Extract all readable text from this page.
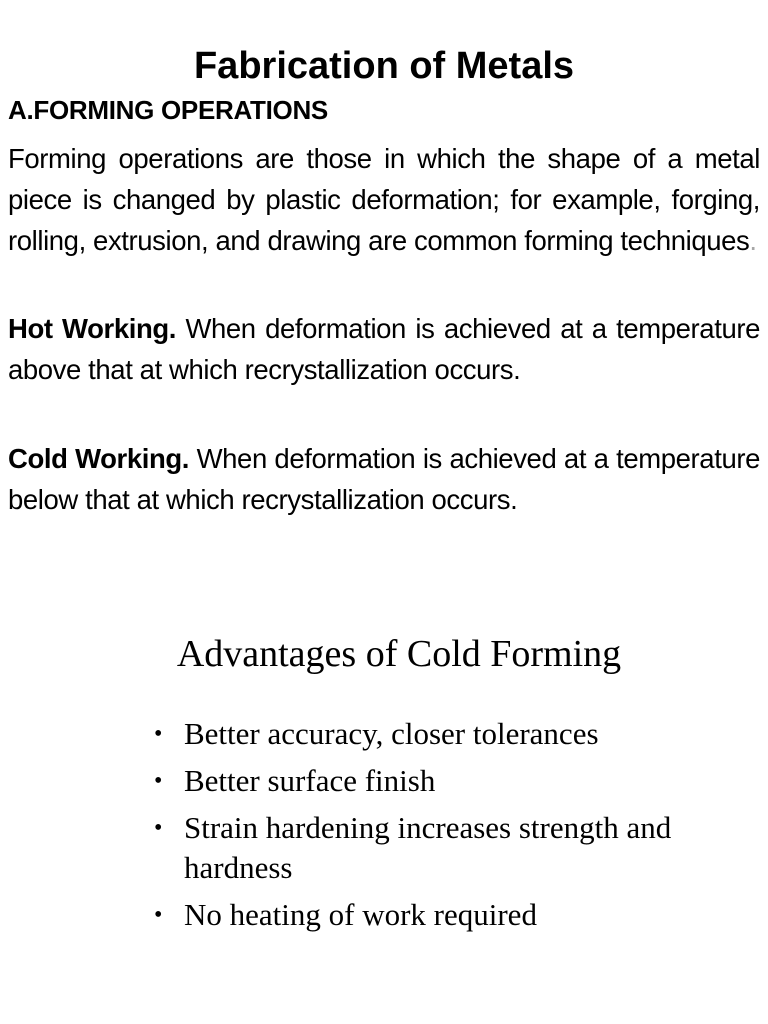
Fabrication of Metals
A.FORMING OPERATIONS

Forming operations are those in which the shape of a metal piece is changed by plastic deformation; for example, forging, rolling, extrusion, and drawing are common forming techniques.

Hot Working. When deformation is achieved at a temperature above that at which recrystallization occurs.

Cold Working. When deformation is achieved at a temperature below that at which recrystallization occurs.

Advantages of Cold Forming
• Better accuracy, closer tolerances
• Better surface finish
• Strain hardening increases strength and hardness
• No heating of work required
